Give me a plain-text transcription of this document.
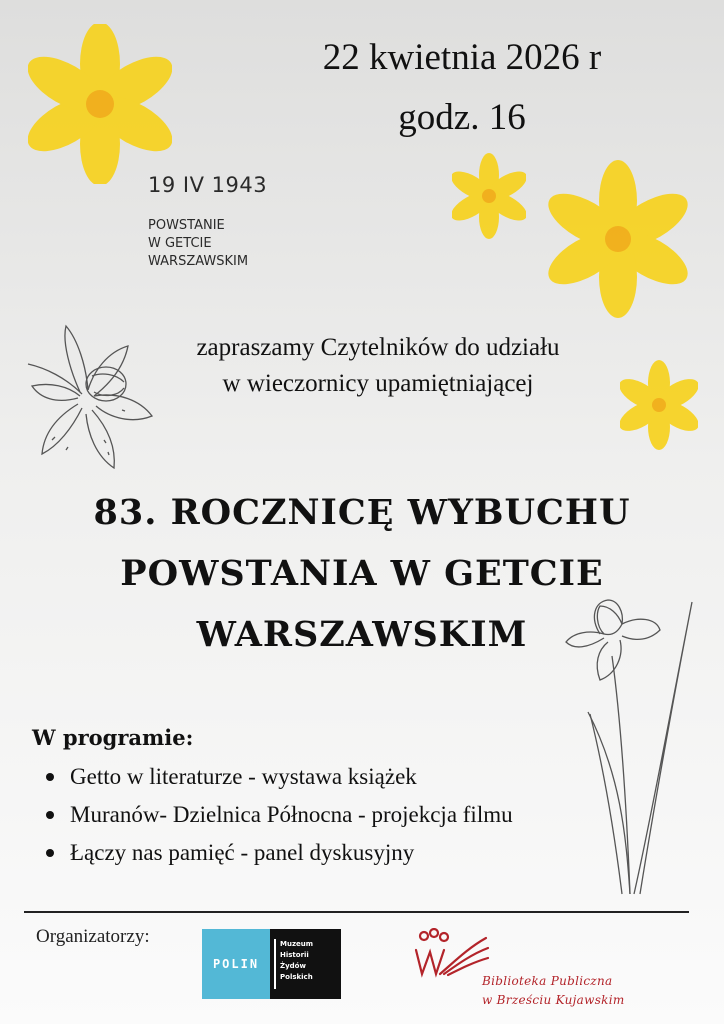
22 kwietnia 2026 r
godz. 16
19 IV 1943
POWSTANIE
W GETCIE
WARSZAWSKIM
zapraszamy Czytelników do udziału
w wieczornicy upamiętniającej
83. ROCZNICĘ WYBUCHU
POWSTANIA W GETCIE
WARSZAWSKIM
W programie:
Getto w literaturze - wystawa książek
Muranów- Dzielnica Północna - projekcja filmu
Łączy nas pamięć - panel dyskusyjny
Organizatorzy:
POLIN
Muzeum
Historii
Żydów
Polskich	Biblioteka Publiczna
w Brześciu Kujawskim
